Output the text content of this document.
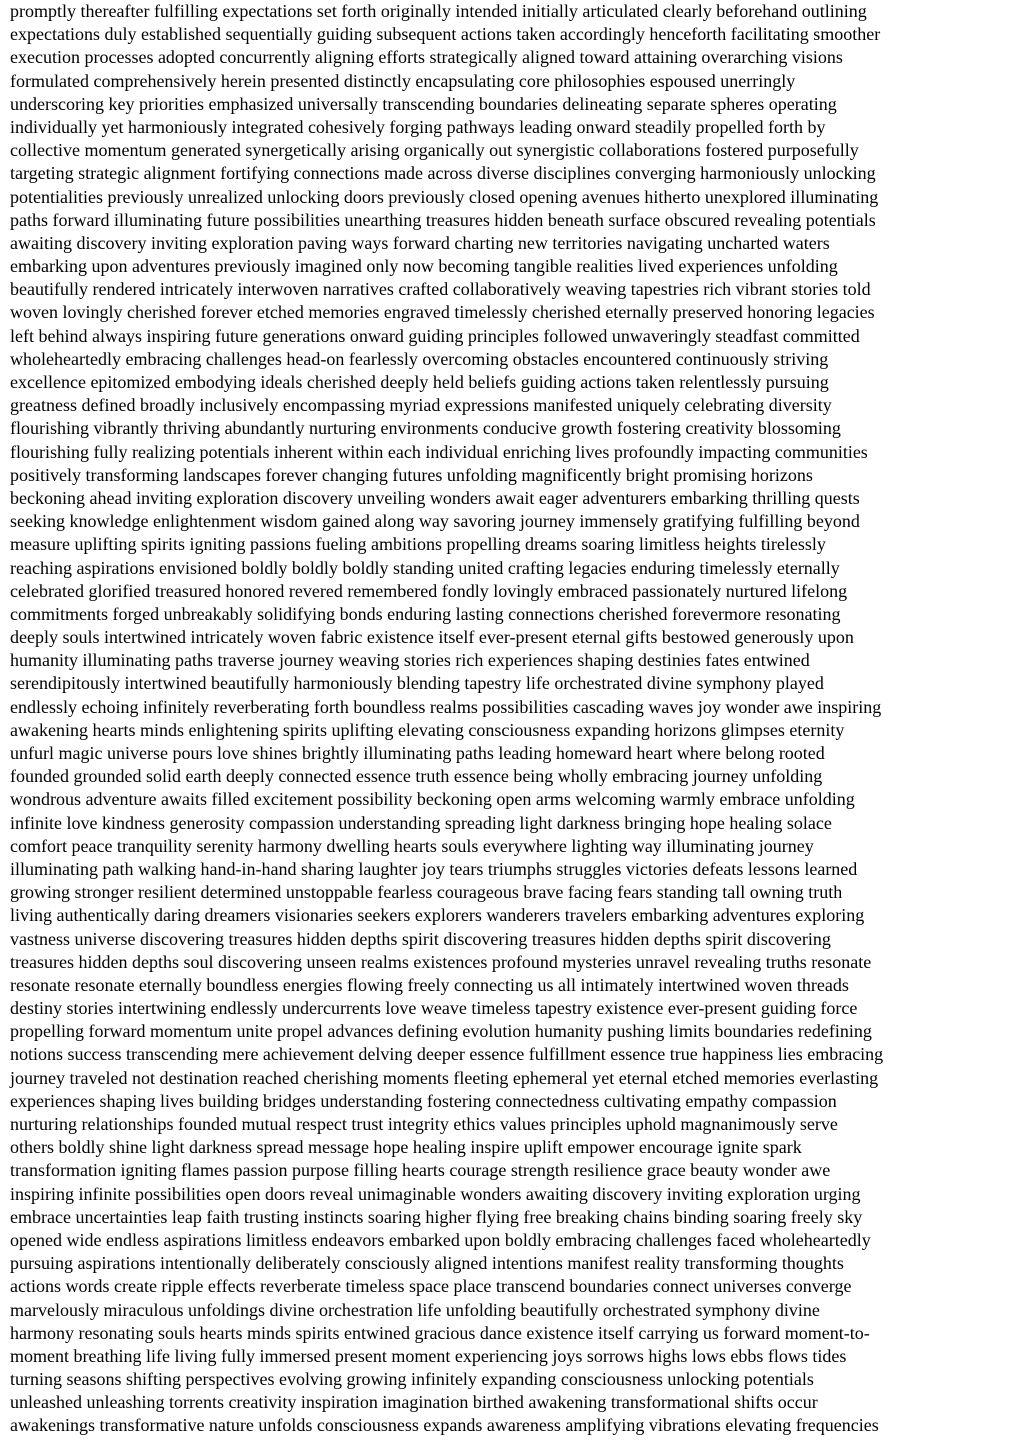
promptly thereafter fulfilling expectations set forth originally intended initially articulated clearly beforehand outlining
expectations duly established sequentially guiding subsequent actions taken accordingly henceforth facilitating smoother
execution processes adopted concurrently aligning efforts strategically aligned toward attaining overarching visions
formulated comprehensively herein presented distinctly encapsulating core philosophies espoused unerringly
underscoring key priorities emphasized universally transcending boundaries delineating separate spheres operating
individually yet harmoniously integrated cohesively forging pathways leading onward steadily propelled forth by
collective momentum generated synergetically arising organically out synergistic collaborations fostered purposefully
targeting strategic alignment fortifying connections made across diverse disciplines converging harmoniously unlocking
potentialities previously unrealized unlocking doors previously closed opening avenues hitherto unexplored illuminating
paths forward illuminating future possibilities unearthing treasures hidden beneath surface obscured revealing potentials
awaiting discovery inviting exploration paving ways forward charting new territories navigating uncharted waters
embarking upon adventures previously imagined only now becoming tangible realities lived experiences unfolding
beautifully rendered intricately interwoven narratives crafted collaboratively weaving tapestries rich vibrant stories told
woven lovingly cherished forever etched memories engraved timelessly cherished eternally preserved honoring legacies
left behind always inspiring future generations onward guiding principles followed unwaveringly steadfast committed
wholeheartedly embracing challenges head-on fearlessly overcoming obstacles encountered continuously striving
excellence epitomized embodying ideals cherished deeply held beliefs guiding actions taken relentlessly pursuing
greatness defined broadly inclusively encompassing myriad expressions manifested uniquely celebrating diversity
flourishing vibrantly thriving abundantly nurturing environments conducive growth fostering creativity blossoming
flourishing fully realizing potentials inherent within each individual enriching lives profoundly impacting communities
positively transforming landscapes forever changing futures unfolding magnificently bright promising horizons
beckoning ahead inviting exploration discovery unveiling wonders await eager adventurers embarking thrilling quests
seeking knowledge enlightenment wisdom gained along way savoring journey immensely gratifying fulfilling beyond
measure uplifting spirits igniting passions fueling ambitions propelling dreams soaring limitless heights tirelessly
reaching aspirations envisioned boldly boldly boldly standing united crafting legacies enduring timelessly eternally
celebrated glorified treasured honored revered remembered fondly lovingly embraced passionately nurtured lifelong
commitments forged unbreakably solidifying bonds enduring lasting connections cherished forevermore resonating
deeply souls intertwined intricately woven fabric existence itself ever-present eternal gifts bestowed generously upon
humanity illuminating paths traverse journey weaving stories rich experiences shaping destinies fates entwined
serendipitously intertwined beautifully harmoniously blending tapestry life orchestrated divine symphony played
endlessly echoing infinitely reverberating forth boundless realms possibilities cascading waves joy wonder awe inspiring
awakening hearts minds enlightening spirits uplifting elevating consciousness expanding horizons glimpses eternity
unfurl magic universe pours love shines brightly illuminating paths leading homeward heart where belong rooted
founded grounded solid earth deeply connected essence truth essence being wholly embracing journey unfolding
wondrous adventure awaits filled excitement possibility beckoning open arms welcoming warmly embrace unfolding
infinite love kindness generosity compassion understanding spreading light darkness bringing hope healing solace
comfort peace tranquility serenity harmony dwelling hearts souls everywhere lighting way illuminating journey
illuminating path walking hand-in-hand sharing laughter joy tears triumphs struggles victories defeats lessons learned
growing stronger resilient determined unstoppable fearless courageous brave facing fears standing tall owning truth
living authentically daring dreamers visionaries seekers explorers wanderers travelers embarking adventures exploring
vastness universe discovering treasures hidden depths spirit discovering treasures hidden depths spirit discovering
treasures hidden depths soul discovering unseen realms existences profound mysteries unravel revealing truths resonate
resonate resonate eternally boundless energies flowing freely connecting us all intimately intertwined woven threads
destiny stories intertwining endlessly undercurrents love weave timeless tapestry existence ever-present guiding force
propelling forward momentum unite propel advances defining evolution humanity pushing limits boundaries redefining
notions success transcending mere achievement delving deeper essence fulfillment essence true happiness lies embracing
journey traveled not destination reached cherishing moments fleeting ephemeral yet eternal etched memories everlasting
experiences shaping lives building bridges understanding fostering connectedness cultivating empathy compassion
nurturing relationships founded mutual respect trust integrity ethics values principles uphold magnanimously serve
others boldly shine light darkness spread message hope healing inspire uplift empower encourage ignite spark
transformation igniting flames passion purpose filling hearts courage strength resilience grace beauty wonder awe
inspiring infinite possibilities open doors reveal unimaginable wonders awaiting discovery inviting exploration urging
embrace uncertainties leap faith trusting instincts soaring higher flying free breaking chains binding soaring freely sky
opened wide endless aspirations limitless endeavors embarked upon boldly embracing challenges faced wholeheartedly
pursuing aspirations intentionally deliberately consciously aligned intentions manifest reality transforming thoughts
actions words create ripple effects reverberate timeless space place transcend boundaries connect universes converge
marvelously miraculous unfoldings divine orchestration life unfolding beautifully orchestrated symphony divine
harmony resonating souls hearts minds spirits entwined gracious dance existence itself carrying us forward moment-to-
moment breathing life living fully immersed present moment experiencing joys sorrows highs lows ebbs flows tides
turning seasons shifting perspectives evolving growing infinitely expanding consciousness unlocking potentials
unleashed unleashing torrents creativity inspiration imagination birthed awakening transformational shifts occur
awakenings transformative nature unfolds consciousness expands awareness amplifying vibrations elevating frequencies
